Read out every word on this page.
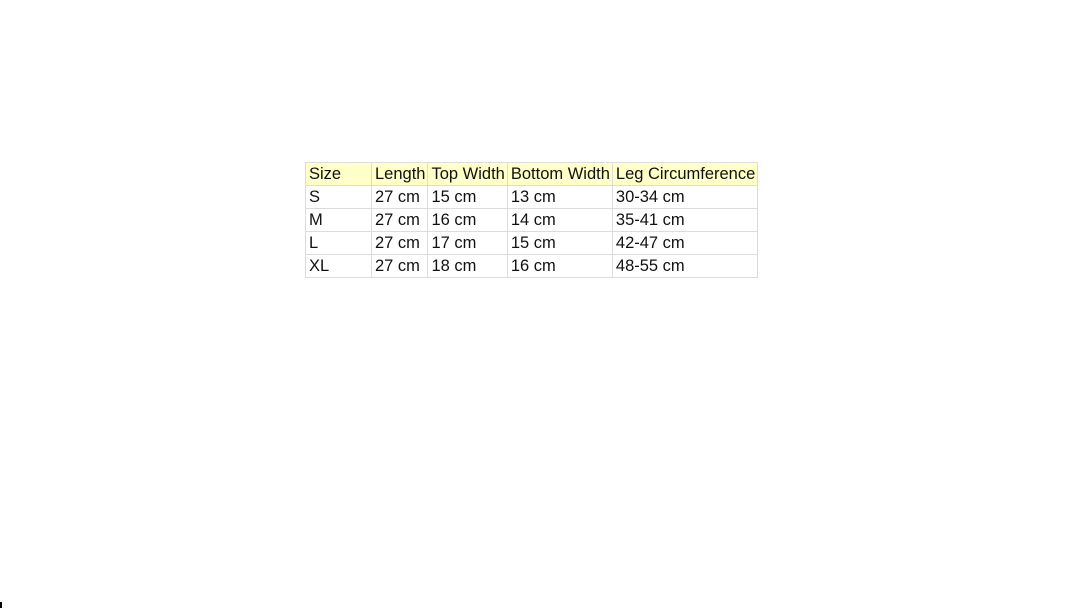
Size	Length	Top Width	Bottom Width	Leg Circumference
S	27 cm	15 cm	13 cm	30-34 cm
M	27 cm	16 cm	14 cm	35-41 cm
L	27 cm	17 cm	15 cm	42-47 cm
XL	27 cm	18 cm	16 cm	48-55 cm
